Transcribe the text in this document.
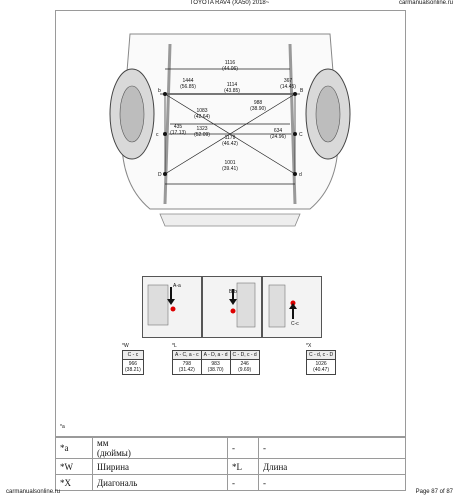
TOYOTA RAV4 (XA50) 2018~	carmanualsonline.ru
1116
(44.06)
1444
(56.85)	1114
(43.85)
367
(14.45)
988
(38.90)
1083
(42.64)
435
(17.13)
1323
(52.09)	1179
(46.42)
634
(24.96)
1001
(39.41)
b	B
c	C
D	d
A-a
B-b
C-c
*W
C - c
966
(38.21)
*L
A - C, a - c	A - D, a - d	C - D, c - d
798
(31.42)	983
(38.70)	246
(9.69)
*X
C - d, c - D
1026
(40.47)
*a
*a	мм
(дюймы)	-	-
*W	Ширина	*L	Длина
*X	Диагональ	-	-
carmanualsonline.ru	Page 87 of 87
